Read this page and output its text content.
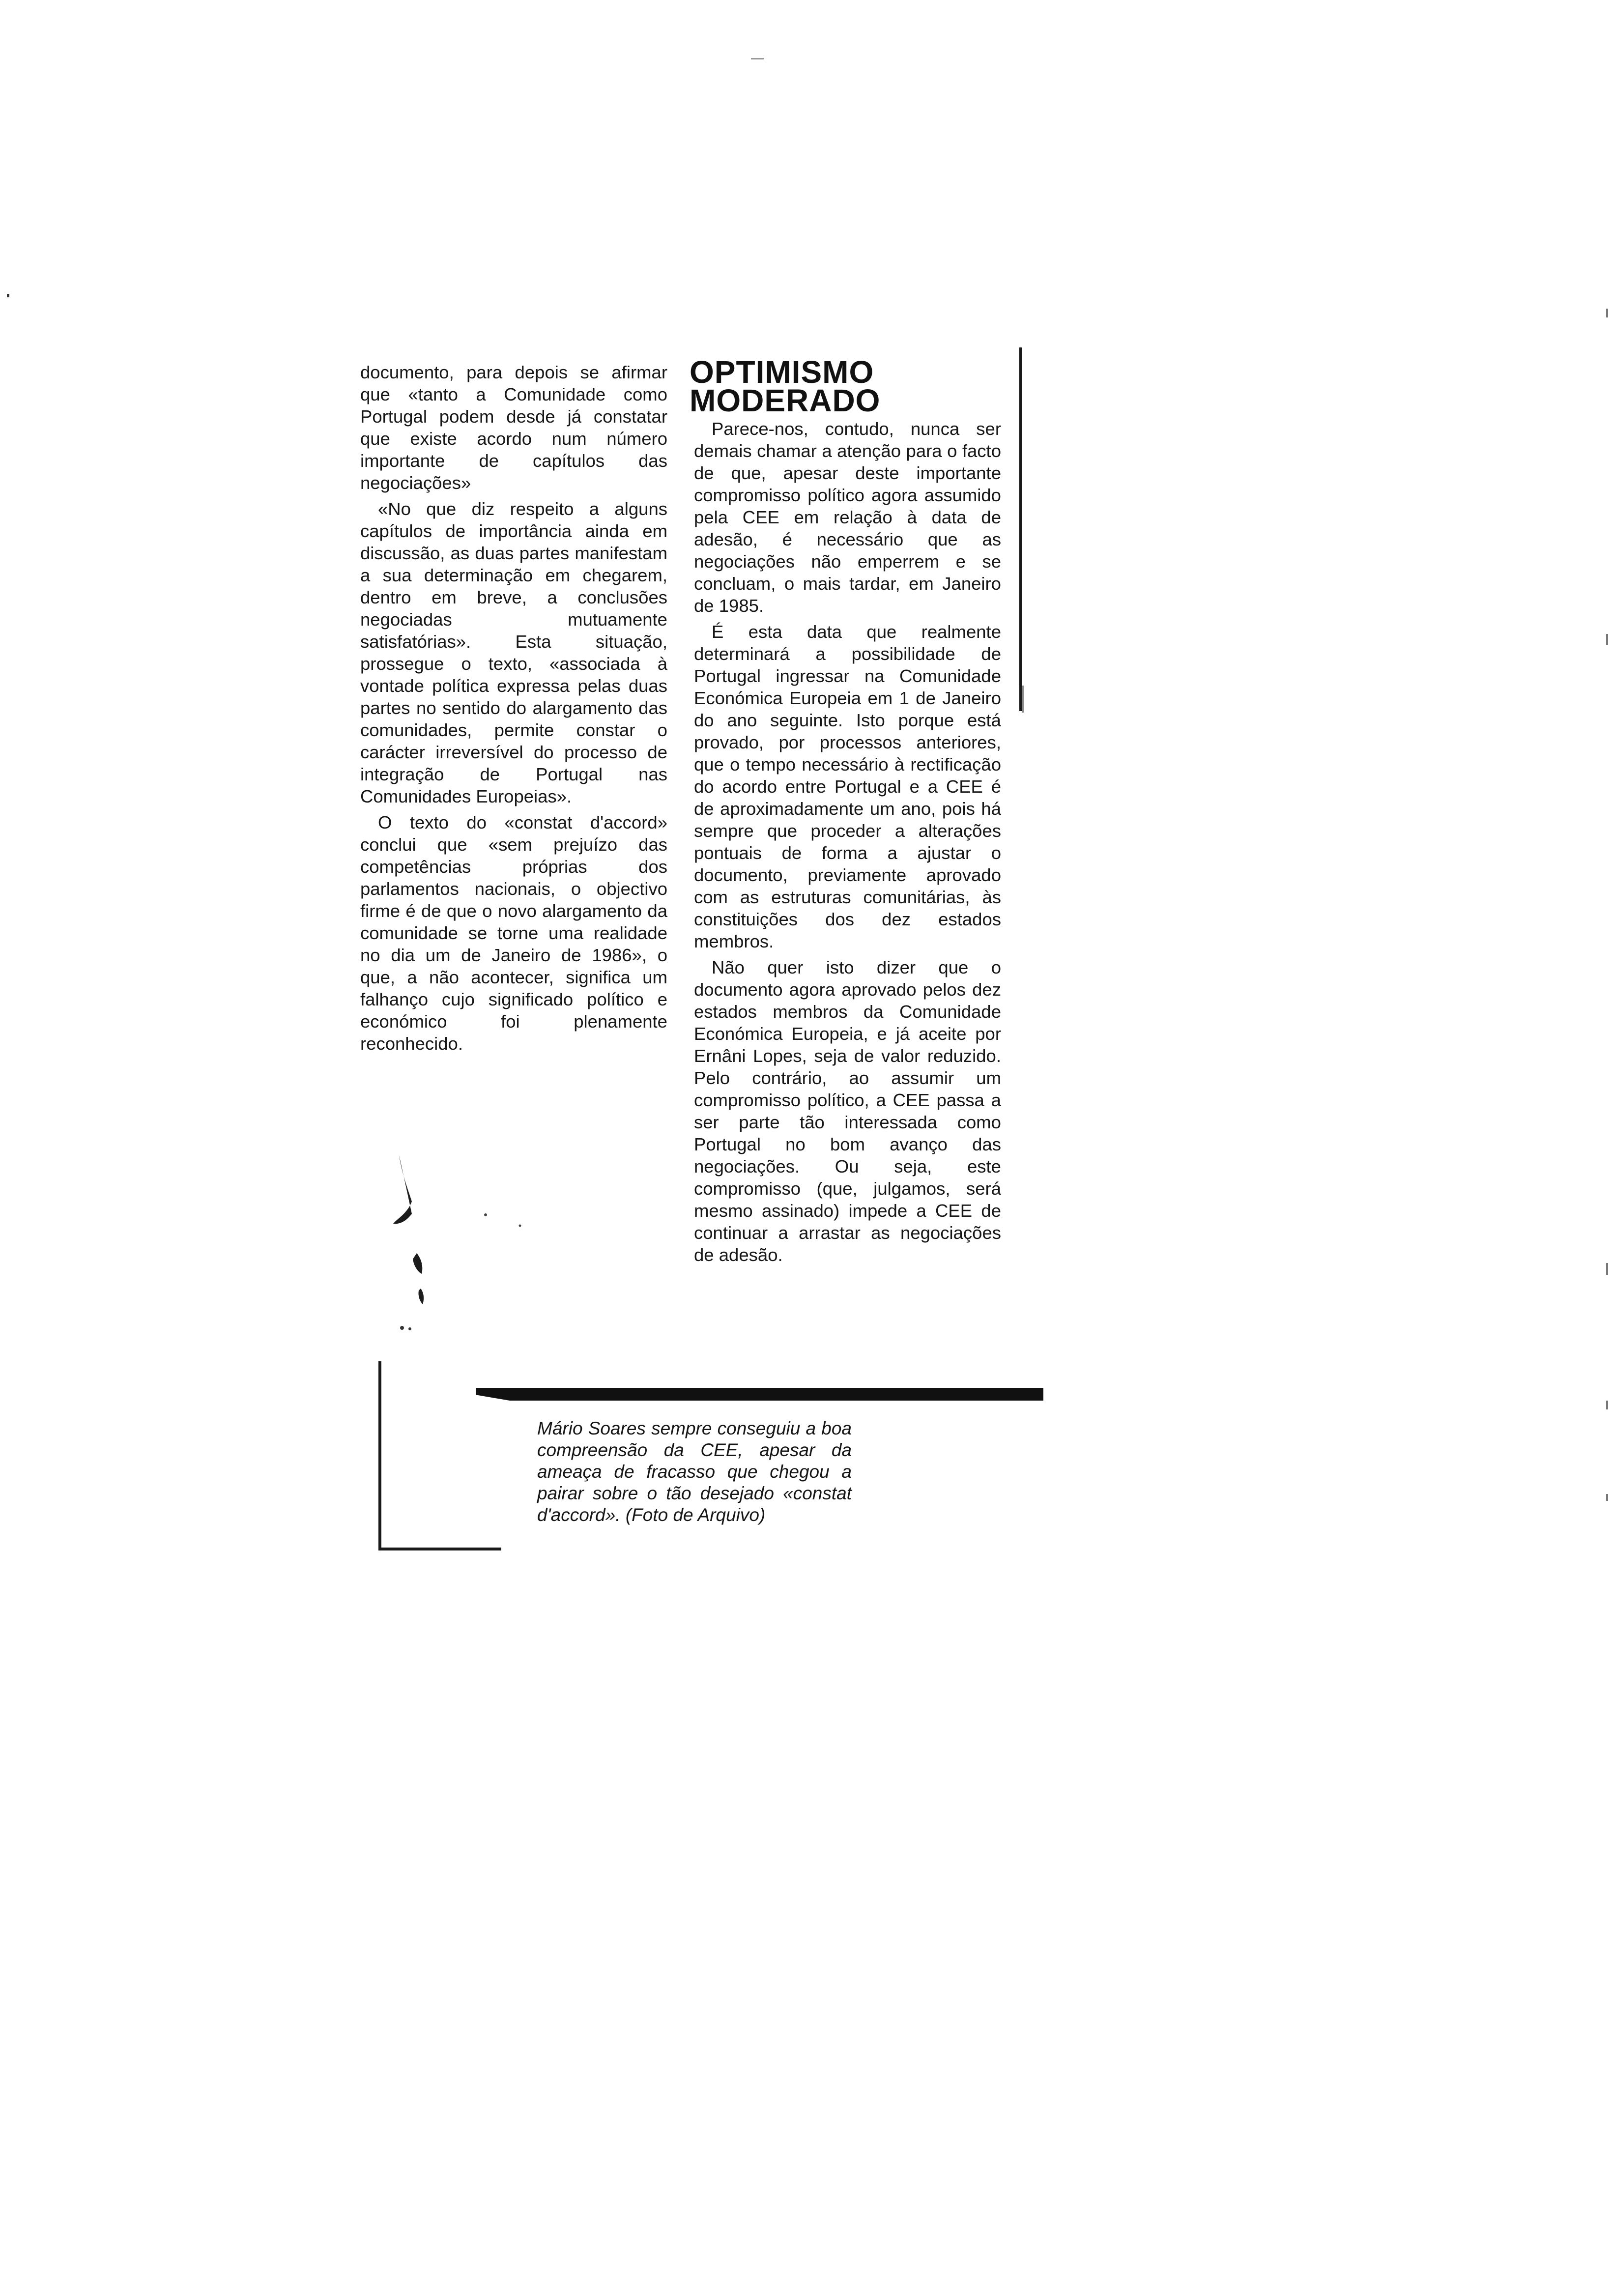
documento, para depois se afirmar que «tanto a Comunidade como Portugal podem desde já constatar que existe acordo num número importante de capítulos das negociações»

«No que diz respeito a alguns capítulos de importância ainda em discussão, as duas partes manifestam a sua determinação em chegarem, dentro em breve, a conclusões negociadas mutuamente satisfatórias». Esta situação, prossegue o texto, «associada à vontade política expressa pelas duas partes no sentido do alargamento das comunidades, permite constar o carácter irreversível do processo de integração de Portugal nas Comunidades Europeias».

O texto do «constat d'accord» conclui que «sem prejuízo das competências próprias dos parlamentos nacionais, o objectivo firme é de que o novo alargamento da comunidade se torne uma realidade no dia um de Janeiro de 1986», o que, a não acontecer, significa um falhanço cujo significado político e económico foi plenamente reconhecido.

OPTIMISMO MODERADO

Parece-nos, contudo, nunca ser demais chamar a atenção para o facto de que, apesar deste importante compromisso político agora assumido pela CEE em relação à data de adesão, é necessário que as negociações não emperrem e se concluam, o mais tardar, em Janeiro de 1985.

É esta data que realmente determinará a possibilidade de Portugal ingressar na Comunidade Económica Europeia em 1 de Janeiro do ano seguinte. Isto porque está provado, por processos anteriores, que o tempo necessário à rectificação do acordo entre Portugal e a CEE é de aproximadamente um ano, pois há sempre que proceder a alterações pontuais de forma a ajustar o documento, previamente aprovado com as estruturas comunitárias, às constituições dos dez estados membros.

Não quer isto dizer que o documento agora aprovado pelos dez estados membros da Comunidade Económica Europeia, e já aceite por Ernâni Lopes, seja de valor reduzido. Pelo contrário, ao assumir um compromisso político, a CEE passa a ser parte tão interessada como Portugal no bom avanço das negociações. Ou seja, este compromisso (que, julgamos, será mesmo assinado) impede a CEE de continuar a arrastar as negociações de adesão.

Mário Soares sempre conseguiu a boa compreensão da CEE, apesar da ameaça de fracasso que chegou a pairar sobre o tão desejado «constat d'accord». (Foto de Arquivo)
